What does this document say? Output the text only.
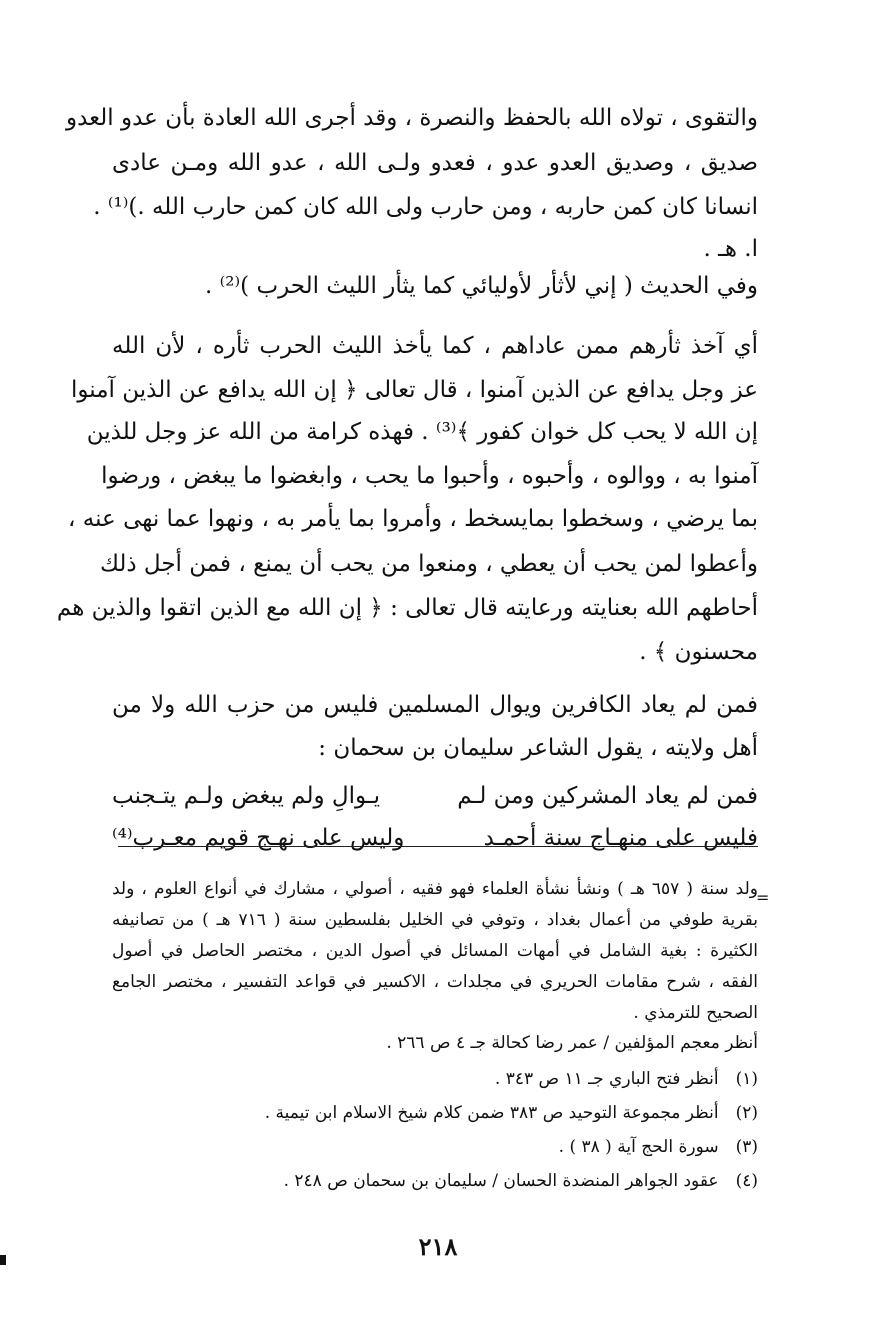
والتقوى ، تولاه الله بالحفظ والنصرة ، وقد أجرى الله العادة بأن عدو العدو
صديق ، وصديق العدو عدو ، فعدو ولـى الله ، عدو الله ومـن عادى
انسانا كان كمن حاربه ، ومن حارب ولى الله كان كمن حارب الله .)⁽¹⁾ .
ا. هـ .
وفي الحديث ( إني لأثأر لأوليائي كما يثأر الليث الحرب )⁽²⁾ .
أي آخذ ثأرهم ممن عاداهم ، كما يأخذ الليث الحرب ثأره ، لأن الله
عز وجل يدافع عن الذين آمنوا ، قال تعالى ﴿ إن الله يدافع عن الذين آمنوا
إن الله لا يحب كل خوان كفور ﴾⁽³⁾ . فهذه كرامة من الله عز وجل للذين
آمنوا به ، ووالوه ، وأحبوه ، وأحبوا ما يحب ، وابغضوا ما يبغض ، ورضوا
بما يرضي ، وسخطوا بمايسخط ، وأمروا بما يأمر به ، ونهوا عما نهى عنه ،
وأعطوا لمن يحب أن يعطي ، ومنعوا من يحب أن يمنع ، فمن أجل ذلك
أحاطهم الله بعنايته ورعايته قال تعالى : ﴿ إن الله مع الذين اتقوا والذين هم
محسنون ﴾ .
فمن لم يعاد الكافرين ويوال المسلمين فليس من حزب الله ولا من
أهل ولايته ، يقول الشاعر سليمان بن سحمان :
فمن لم يعاد المشركين ومن لـم
يـوالِ ولم يبغض ولـم يتـجنب
فليس على منهـاج سنة أحمـد
وليس على نهـج قويم معـرب⁽⁴⁾
=
ولد سنة ( ٦٥٧ هـ ) ونشأ نشأة العلماء فهو فقيه ، أصولي ، مشارك في أنواع العلوم ، ولد
بقرية طوفي من أعمال بغداد ، وتوفي في الخليل بفلسطين سنة ( ٧١٦ هـ ) من تصانيفه
الكثيرة : بغية الشامل في أمهات المسائل في أصول الدين ، مختصر الحاصل في أصول
الفقه ، شرح مقامات الحريري في مجلدات ، الاكسير في قواعد التفسير ، مختصر الجامع
الصحيح للترمذي .
أنظر معجم المؤلفين / عمر رضا كحالة جـ ٤ ص ٢٦٦ .
(١) أنظر فتح الباري جـ ١١ ص ٣٤٣ .
(٢) أنظر مجموعة التوحيد ص ٣٨٣ ضمن كلام شيخ الاسلام ابن تيمية .
(٣) سورة الحج آية ( ٣٨ ) .
(٤) عقود الجواهر المنضدة الحسان / سليمان بن سحمان ص ٢٤٨ .
٢١٨
